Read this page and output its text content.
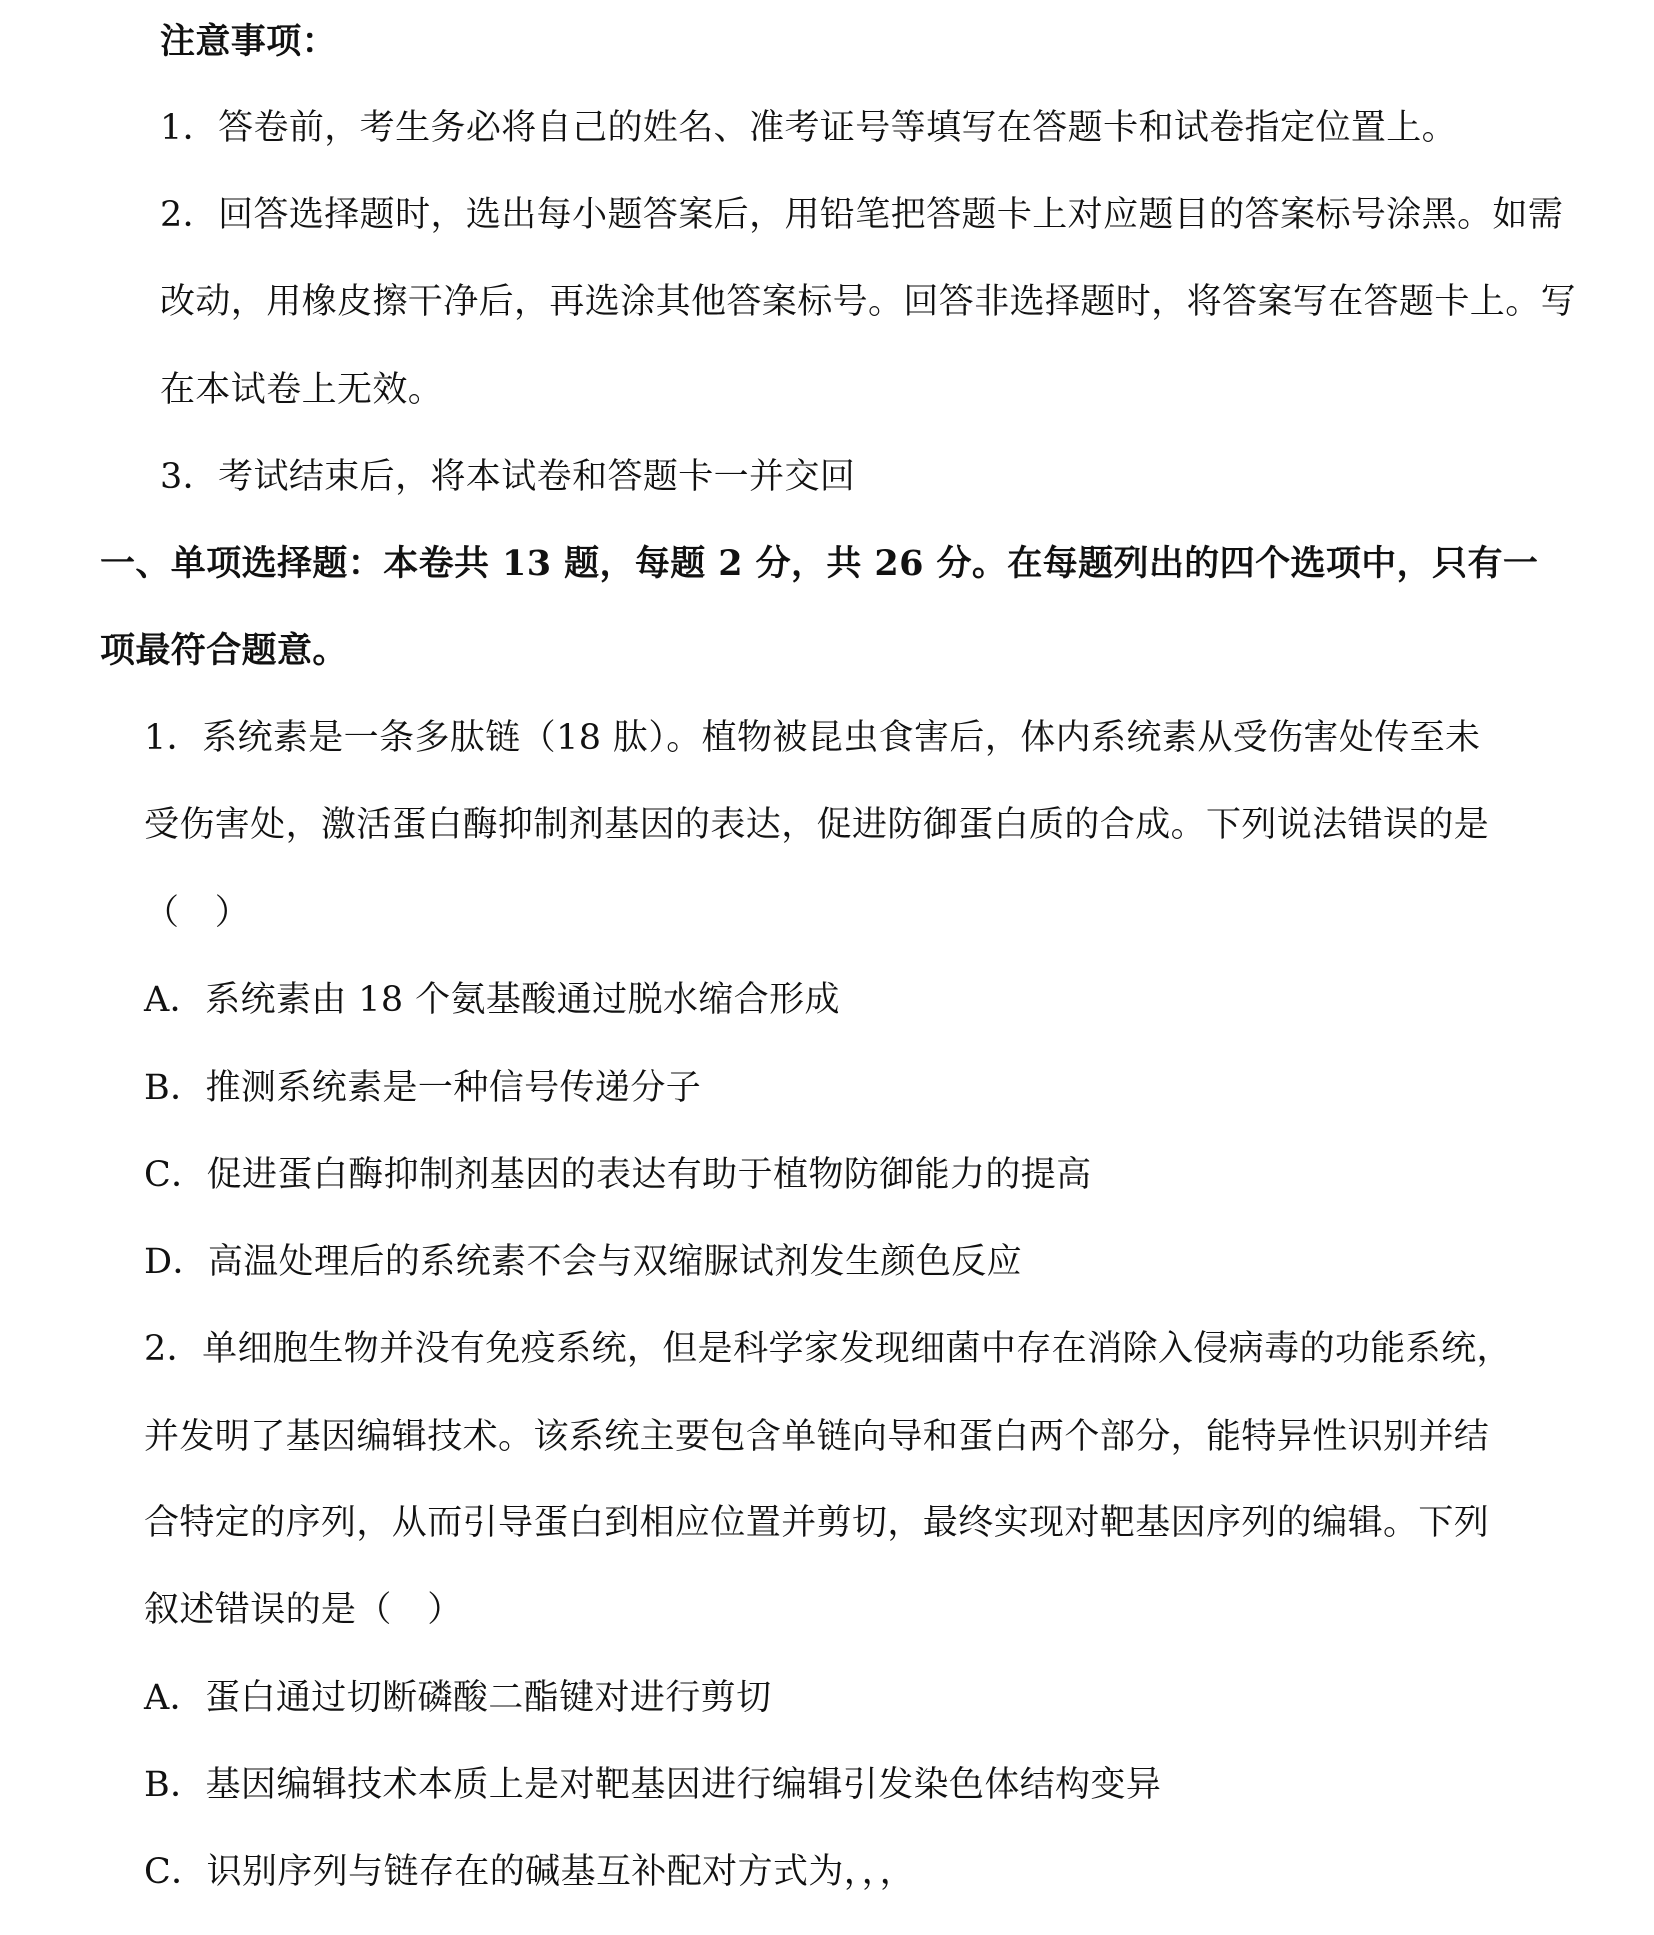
注意事项：
1．答卷前，考生务必将自己的姓名、准考证号等填写在答题卡和试卷指定位置上。
2．回答选择题时，选出每小题答案后，用铅笔把答题卡上对应题目的答案标号涂黑。如需
改动，用橡皮擦干净后，再选涂其他答案标号。回答非选择题时，将答案写在答题卡上。写
在本试卷上无效。
3．考试结束后，将本试卷和答题卡一并交回
一、单项选择题：本卷共 13 题，每题 2 分，共 26 分。在每题列出的四个选项中，只有一
项最符合题意。
1．系统素是一条多肽链（18 肽）。植物被昆虫食害后，体内系统素从受伤害处传至未
受伤害处，激活蛋白酶抑制剂基因的表达，促进防御蛋白质的合成。下列说法错误的是
（　）
A．系统素由 18 个氨基酸通过脱水缩合形成
B．推测系统素是一种信号传递分子
C．促进蛋白酶抑制剂基因的表达有助于植物防御能力的提高
D．高温处理后的系统素不会与双缩脲试剂发生颜色反应
2．单细胞生物并没有免疫系统，但是科学家发现细菌中存在消除入侵病毒的功能系统，
并发明了基因编辑技术。该系统主要包含单链向导和蛋白两个部分，能特异性识别并结
合特定的序列，从而引导蛋白到相应位置并剪切，最终实现对靶基因序列的编辑。下列
叙述错误的是（　）
A．蛋白通过切断磷酸二酯键对进行剪切
B．基因编辑技术本质上是对靶基因进行编辑引发染色体结构变异
C．识别序列与链存在的碱基互补配对方式为，，，
